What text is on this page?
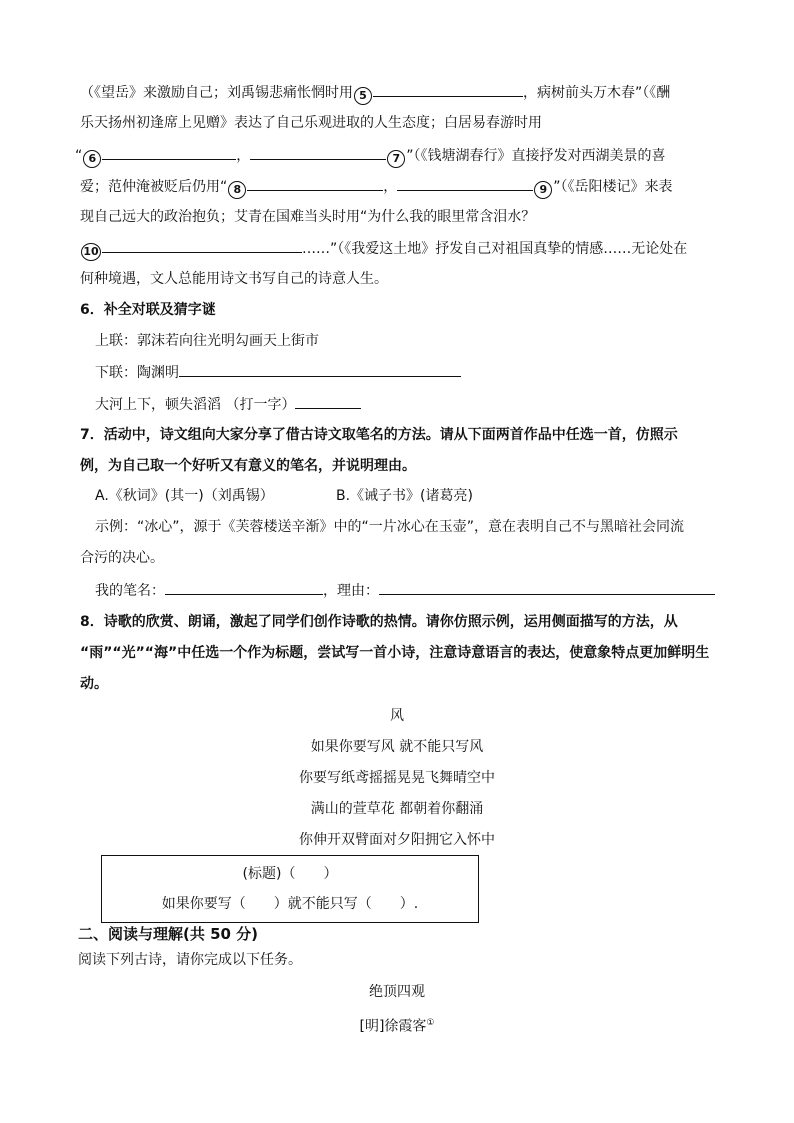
（《望岳》来激励自己；刘禹锡悲痛怅惘时用 5	，病树前头万木春”（《酬
乐天扬州初逢席上见赠》表达了自己乐观进取的人生态度；白居易春游时用
“ 6	，	7 ”（《钱塘湖春行》直接抒发对西湖美景的喜
爱；范仲淹被贬后仍用“ 8	，	9 ”（《岳阳楼记》来表
现自己远大的政治抱负；艾青在国难当头时用“为什么我的眼里常含泪水？
10	……”（《我爱这土地》抒发自己对祖国真挚的情感……无论处在
何种境遇，文人总能用诗文书写自己的诗意人生。
6．补全对联及猜字谜
上联：郭沫若向往光明勾画天上街市
下联：陶渊明
大河上下，顿失滔滔 （打一字）
7．活动中，诗文组向大家分享了借古诗文取笔名的方法。请从下面两首作品中任选一首，仿照示
例，为自己取一个好听又有意义的笔名，并说明理由。
A.《秋词》(其一)（刘禹锡）	B.《诫子书》(诸葛亮)
示例：“冰心”，源于《芙蓉楼送辛渐》中的“一片冰心在玉壶”，意在表明自己不与黑暗社会同流
合污的决心。
我的笔名：	，理由：
8．诗歌的欣赏、朗诵，激起了同学们创作诗歌的热情。请你仿照示例，运用侧面描写的方法，从
“雨”“光”“海”中任选一个作为标题，尝试写一首小诗，注意诗意语言的表达，使意象特点更加鲜明生
动。
风
如果你要写风 就不能只写风
你要写纸鸢摇摇晃晃飞舞晴空中
满山的萱草花 都朝着你翻涌
你伸开双臂面对夕阳拥它入怀中
(标题)（　　）
如果你要写（　　）就不能只写（　　）.
二、阅读与理解(共 50 分)
阅读下列古诗，请你完成以下任务。
绝顶四观
[明]徐霞客①
